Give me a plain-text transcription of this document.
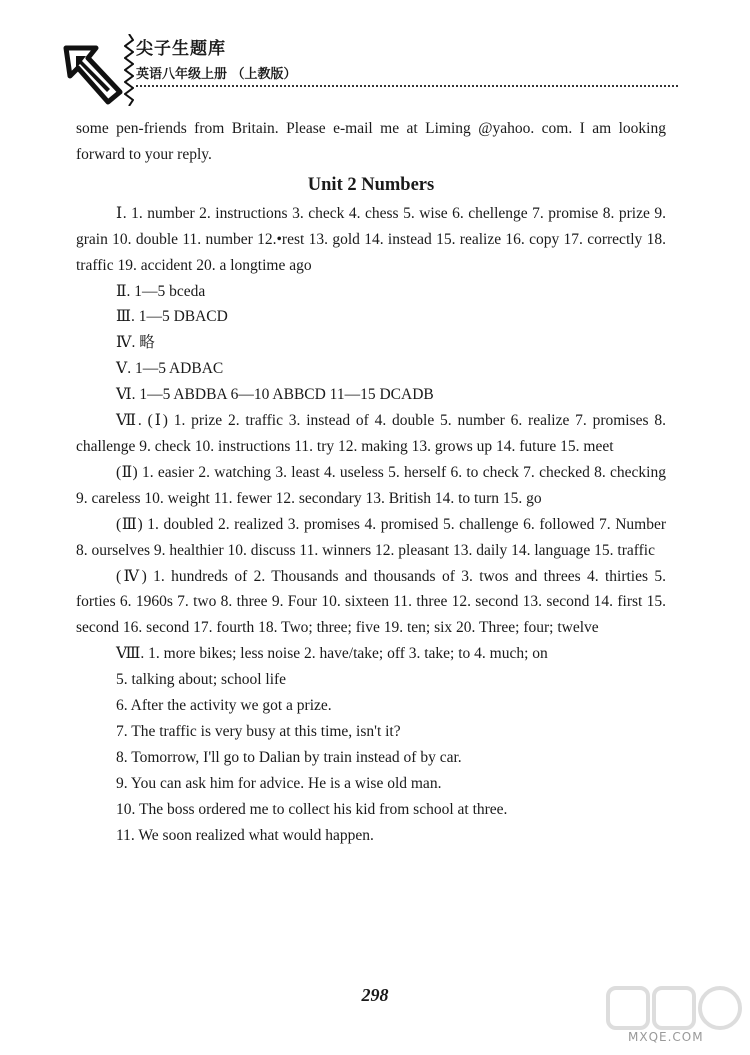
尖子生题库
英语八年级上册 （上教版）

some pen-friends from Britain. Please e-mail me at Liming @yahoo. com. I am looking forward to your reply.

Unit 2 Numbers

Ⅰ. 1. number 2. instructions 3. check 4. chess 5. wise 6. chellenge 7. promise 8. prize 9. grain 10. double 11. number 12.•rest 13. gold 14. instead 15. realize 16. copy 17. correctly 18. traffic 19. accident 20. a longtime ago

Ⅱ. 1—5 bceda

Ⅲ. 1—5 DBACD

Ⅳ. 略

Ⅴ. 1—5 ADBAC

Ⅵ. 1—5 ABDBA 6—10 ABBCD 11—15 DCADB

Ⅶ. (Ⅰ) 1. prize 2. traffic 3. instead of 4. double 5. number 6. realize 7. promises 8. challenge 9. check 10. instructions 11. try 12. making 13. grows up 14. future 15. meet

(Ⅱ) 1. easier 2. watching 3. least 4. useless 5. herself 6. to check 7. checked 8. checking 9. careless 10. weight 11. fewer 12. secondary 13. British 14. to turn 15. go

(Ⅲ) 1. doubled 2. realized 3. promises 4. promised 5. challenge 6. followed 7. Number 8. ourselves 9. healthier 10. discuss 11. winners 12. pleasant 13. daily 14. language 15. traffic

(Ⅳ) 1. hundreds of 2. Thousands and thousands of 3. twos and threes 4. thirties 5. forties 6. 1960s 7. two 8. three 9. Four 10. sixteen 11. three 12. second 13. second 14. first 15. second 16. second 17. fourth 18. Two; three; five 19. ten; six 20. Three; four; twelve

Ⅷ. 1. more bikes; less noise 2. have/take; off 3. take; to 4. much; on

5. talking about; school life

6. After the activity we got a prize.

7. The traffic is very busy at this time, isn't it?

8. Tomorrow, I'll go to Dalian by train instead of by car.

9. You can ask him for advice. He is a wise old man.

10. The boss ordered me to collect his kid from school at three.

11. We soon realized what would happen.

298
MXQE.COM
